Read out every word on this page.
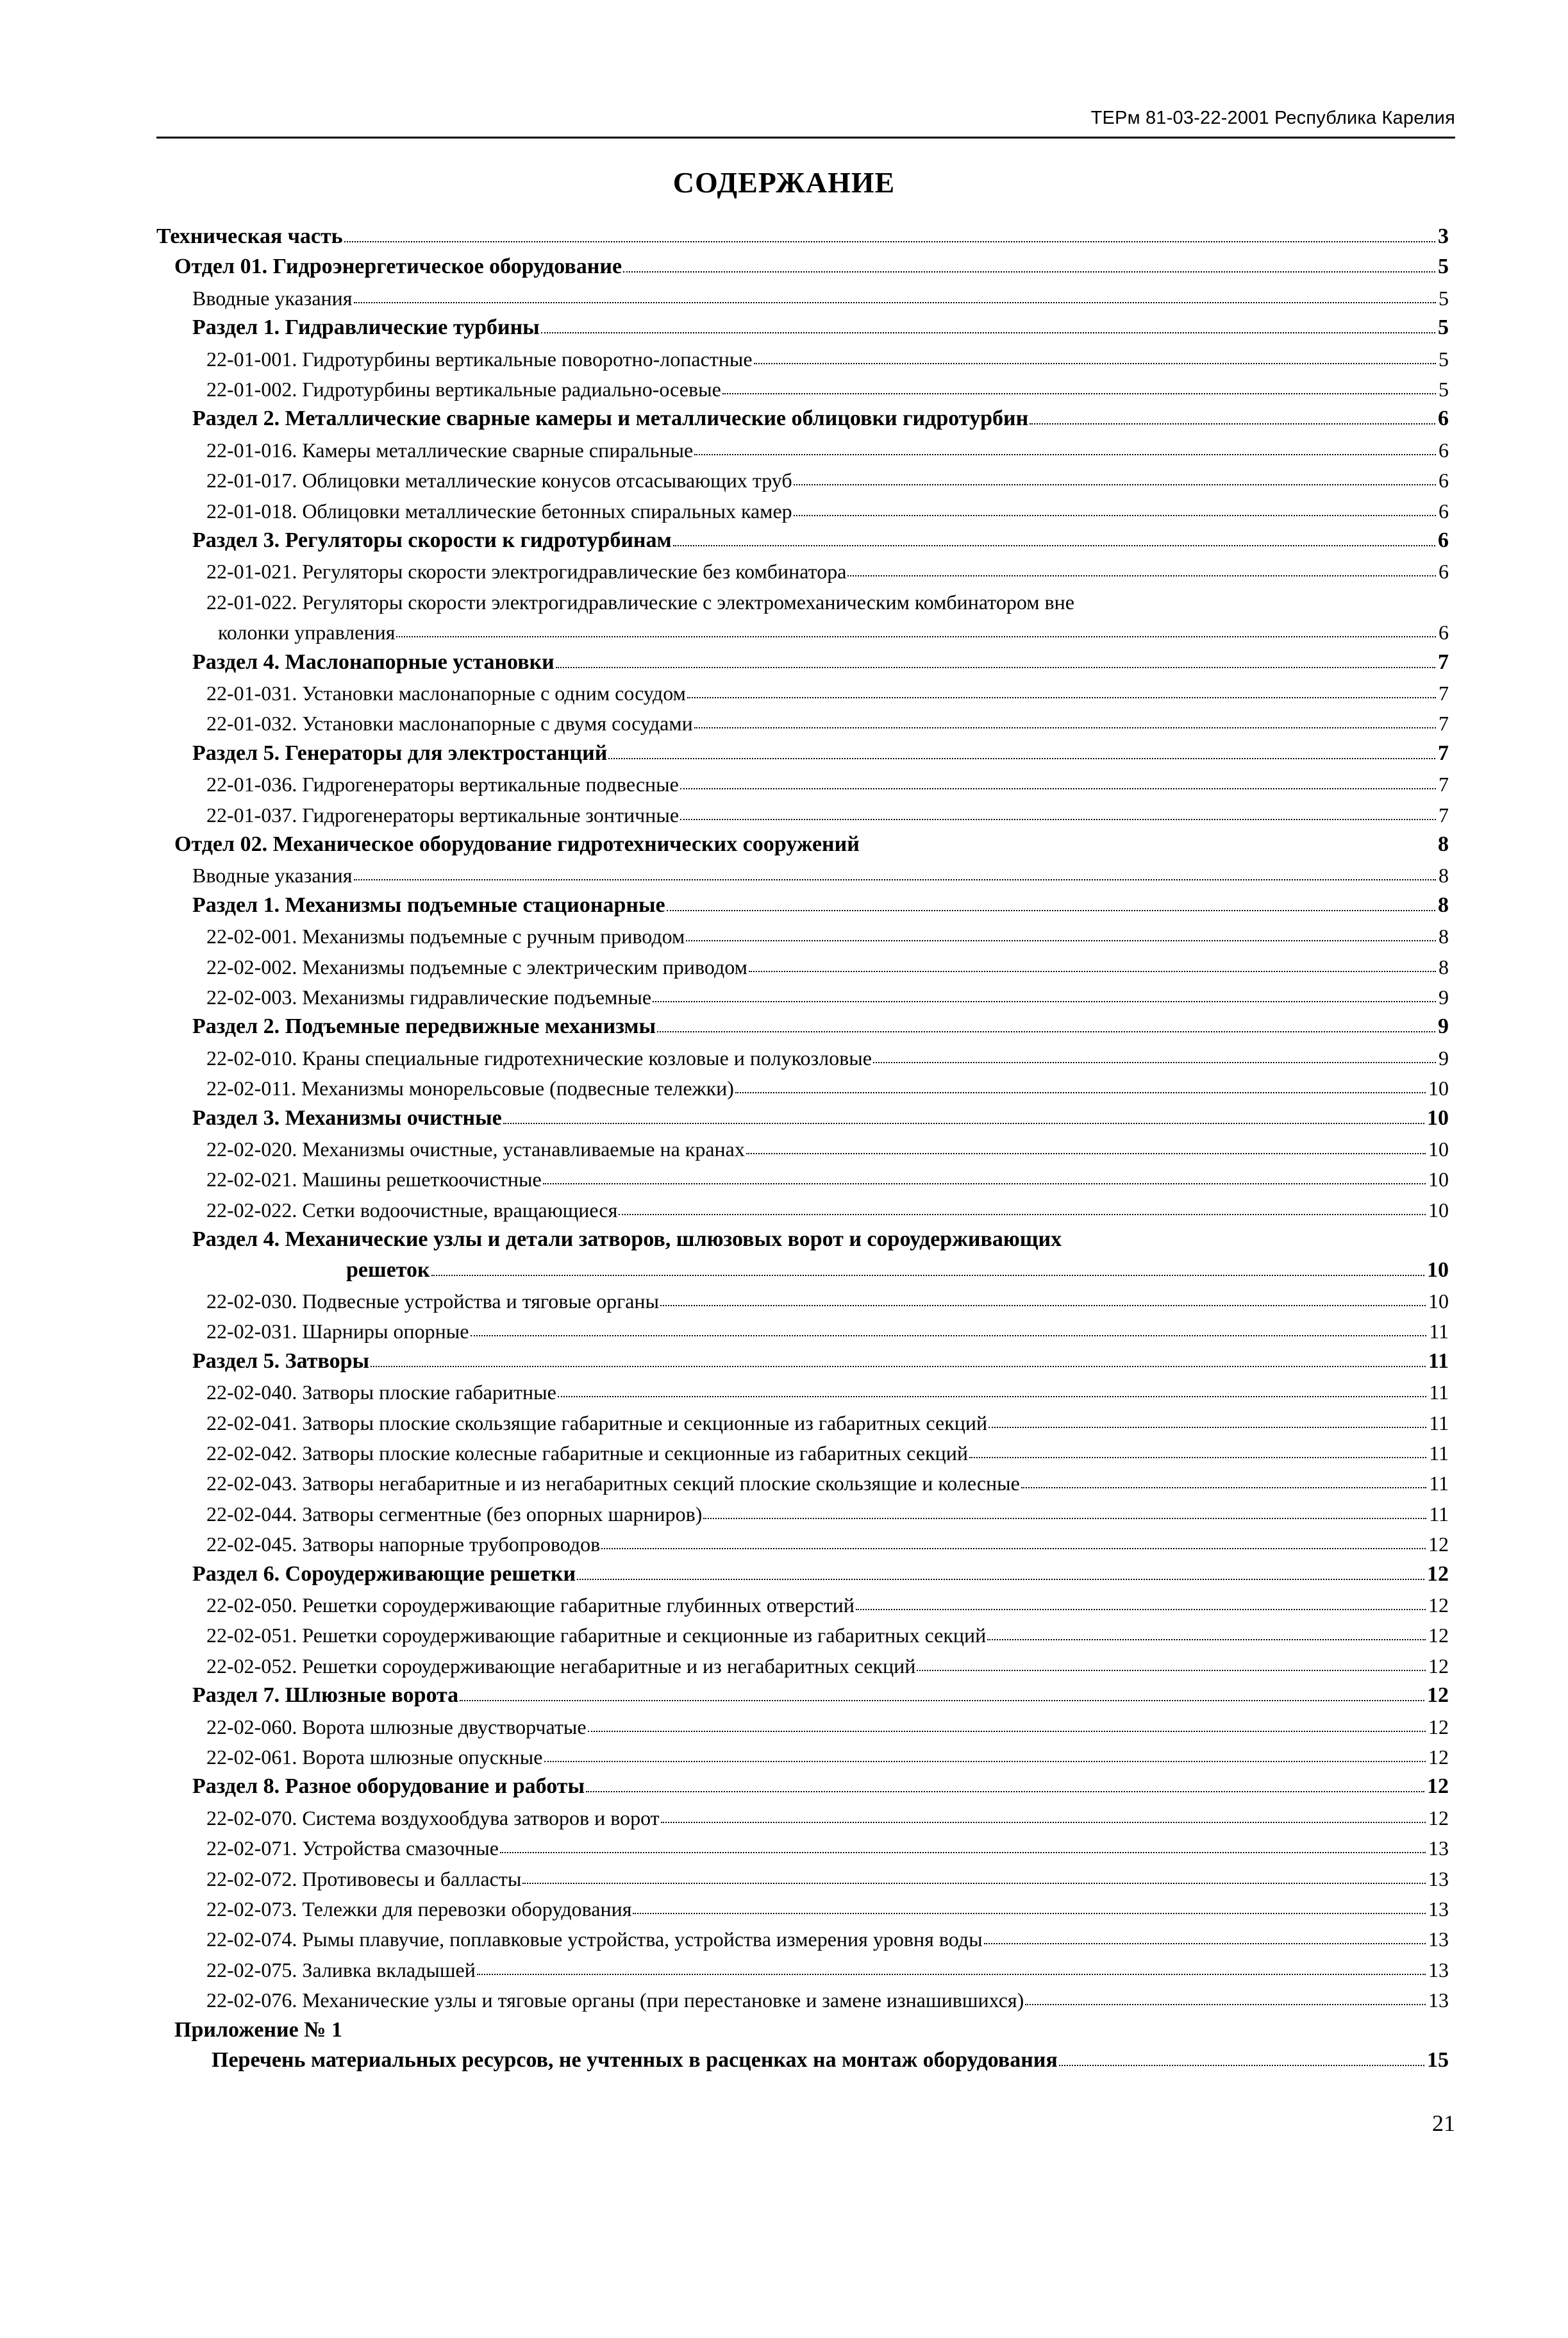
ТЕРм 81-03-22-2001 Республика Карелия
СОДЕРЖАНИЕ
Техническая часть	3
Отдел 01. Гидроэнергетическое оборудование	5
Вводные указания	5
Раздел 1. Гидравлические турбины	5
22-01-001. Гидротурбины вертикальные поворотно-лопастные	5
22-01-002. Гидротурбины вертикальные радиально-осевые	5
Раздел 2. Металлические сварные камеры и металлические облицовки гидротурбин	6
22-01-016. Камеры металлические сварные спиральные	6
22-01-017. Облицовки металлические конусов отсасывающих труб	6
22-01-018. Облицовки металлические бетонных спиральных камер	6
Раздел 3. Регуляторы скорости к гидротурбинам	6
22-01-021. Регуляторы скорости электрогидравлические без комбинатора	6
22-01-022. Регуляторы скорости электрогидравлические с электромеханическим комбинатором вне
колонки управления	6
Раздел 4. Маслонапорные установки	7
22-01-031. Установки маслонапорные с одним сосудом	7
22-01-032. Установки маслонапорные с двумя сосудами	7
Раздел 5. Генераторы для электростанций	7
22-01-036. Гидрогенераторы вертикальные подвесные	7
22-01-037. Гидрогенераторы вертикальные зонтичные	7
Отдел 02. Механическое оборудование гидротехнических сооружений	8
Вводные указания	8
Раздел 1. Механизмы подъемные стационарные	8
22-02-001. Механизмы подъемные с ручным приводом	8
22-02-002. Механизмы подъемные с электрическим приводом	8
22-02-003. Механизмы гидравлические подъемные	9
Раздел 2. Подъемные передвижные механизмы	9
22-02-010. Краны специальные гидротехнические козловые и полукозловые	9
22-02-011. Механизмы монорельсовые (подвесные тележки)	10
Раздел 3. Механизмы очистные	10
22-02-020. Механизмы очистные, устанавливаемые на кранах	10
22-02-021. Машины решеткоочистные	10
22-02-022. Сетки водоочистные, вращающиеся	10
Раздел 4. Механические узлы и детали затворов, шлюзовых ворот и сороудерживающих
решеток	10
22-02-030. Подвесные устройства и тяговые органы	10
22-02-031. Шарниры опорные	11
Раздел 5. Затворы	11
22-02-040. Затворы плоские габаритные	11
22-02-041. Затворы плоские скользящие габаритные и секционные из габаритных секций	11
22-02-042. Затворы плоские колесные габаритные и секционные из габаритных секций	11
22-02-043. Затворы негабаритные и из негабаритных секций плоские скользящие и колесные	11
22-02-044. Затворы сегментные (без опорных шарниров)	11
22-02-045. Затворы напорные трубопроводов	12
Раздел 6. Сороудерживающие решетки	12
22-02-050. Решетки сороудерживающие габаритные глубинных отверстий	12
22-02-051. Решетки сороудерживающие габаритные и секционные из габаритных секций	12
22-02-052. Решетки сороудерживающие негабаритные и из негабаритных секций	12
Раздел 7. Шлюзные ворота	12
22-02-060. Ворота шлюзные двустворчатые	12
22-02-061. Ворота шлюзные опускные	12
Раздел 8. Разное оборудование и работы	12
22-02-070. Система воздухообдува затворов и ворот	12
22-02-071. Устройства смазочные	13
22-02-072. Противовесы и балласты	13
22-02-073. Тележки для перевозки оборудования	13
22-02-074. Рымы плавучие, поплавковые устройства, устройства измерения уровня воды	13
22-02-075. Заливка вкладышей	13
22-02-076. Механические узлы и тяговые органы (при перестановке и замене изнашившихся)	13
Приложение № 1
Перечень материальных ресурсов, не учтенных в расценках на монтаж оборудования	15
21
